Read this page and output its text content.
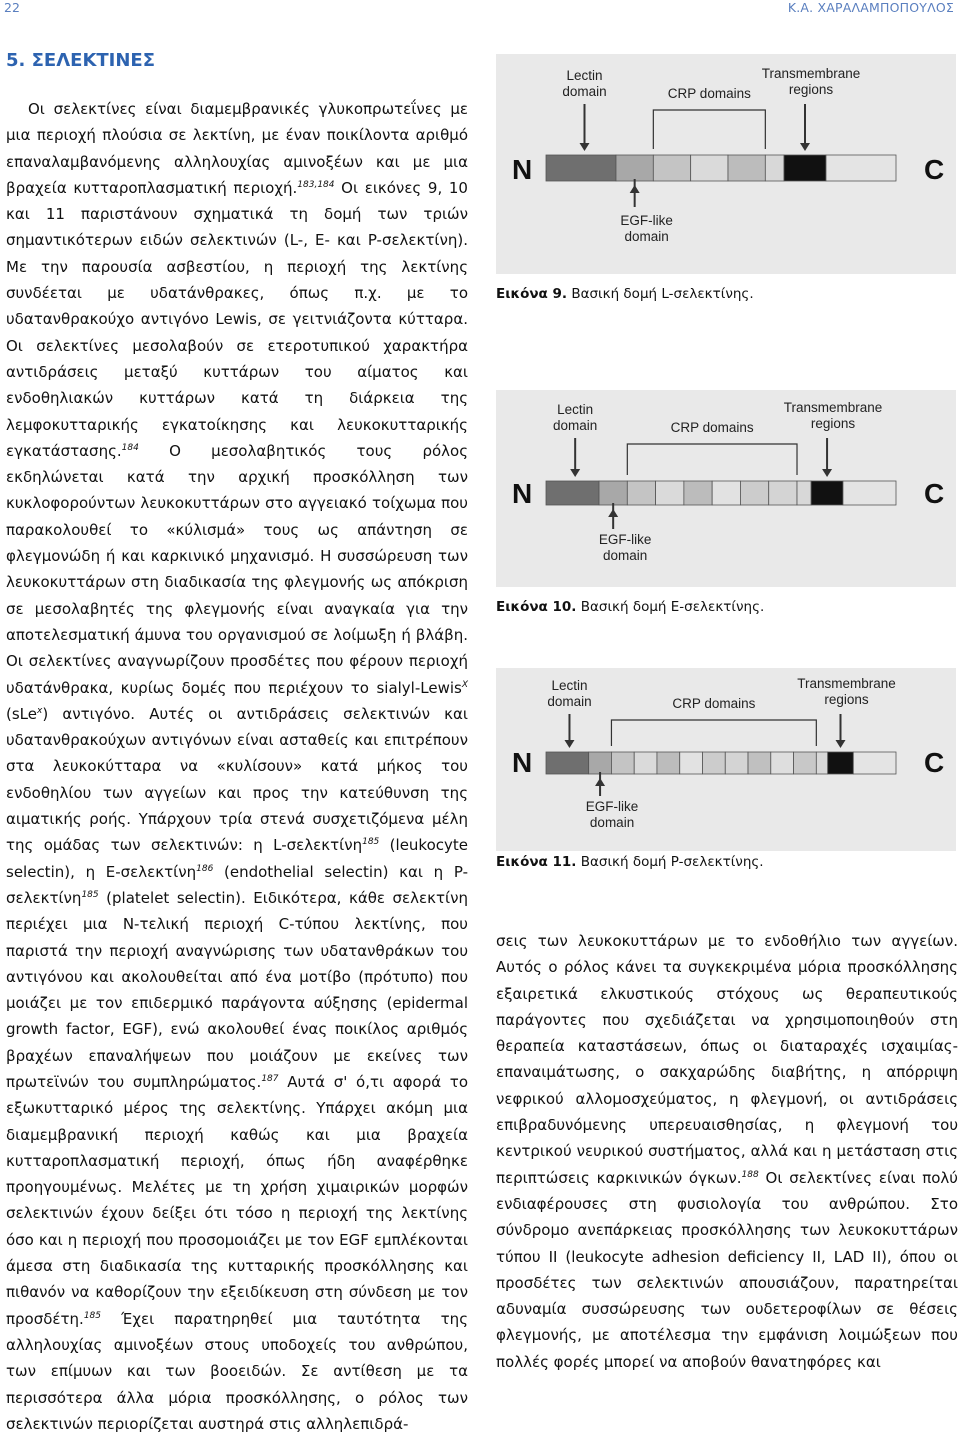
22	Κ.Α. ΧΑΡΑΛΑΜΠΟΠΟΥΛΟΣ
5. ΣΕΛΕΚΤΙΝΕΣ

Οι σελεκτίνες είναι διαμεμβρανικές γλυκοπρωτεΐνες με μια περιοχή πλούσια σε λεκτίνη, με έναν ποικίλοντα αριθμό επαναλαμβανόμενης αλληλουχίας αμινοξέων και με μια βραχεία κυτταροπλασματική περιοχή.$^{183,184}$ Οι εικόνες 9, 10 και 11 παριστάνουν σχηματικά τη δομή των τριών σημαντικότερων ειδών σελεκτινών (L-, E- και P-σελεκτίνη). Με την παρουσία ασβεστίου, η περιοχή της λεκτίνης συνδέεται με υδατάνθρακες, όπως π.χ. με το υδατανθρακούχο αντιγόνο Lewis, σε γειτνιάζοντα κύτταρα. Οι σελεκτίνες μεσολαβούν σε ετεροτυπικού χαρακτήρα αντιδράσεις μεταξύ κυττάρων του αίματος και ενδοθηλιακών κυττάρων κατά τη διάρκεια της λεμφοκυτταρικής εγκατοίκησης και λευκοκυτταρικής εγκατάστασης.$^{184}$ Ο μεσολαβητικός τους ρόλος εκδηλώνεται κατά την αρχική προσκόλληση των κυκλοφορούντων λευκοκυττάρων στο αγγειακό τοίχωμα που παρακολουθεί το «κύλισμά» τους ως απάντηση σε φλεγμονώδη ή και καρκινικό μηχανισμό. Η συσσώρευση των λευκοκυττάρων στη διαδικασία της φλεγμονής ως απόκριση σε μεσολαβητές της φλεγμονής είναι αναγκαία για την αποτελεσματική άμυνα του οργανισμού σε λοίμωξη ή βλάβη. Οι σελεκτίνες αναγνωρίζουν προσδέτες που φέρουν περιοχή υδατάνθρακα, κυρίως δομές που περιέχουν το sialyl-Lewis$^X$ (sLe$^x$) αντιγόνο. Αυτές οι αντιδράσεις σελεκτινών και υδατανθρακούχων αντιγόνων είναι ασταθείς και επιτρέπουν στα λευκοκύτταρα να «κυλίσουν» κατά μήκος του ενδοθηλίου των αγγείων και προς την κατεύθυνση της αιματικής ροής. Υπάρχουν τρία στενά συσχετιζόμενα μέλη της ομάδας των σελεκτινών: η L-σελεκτίνη$^{185}$ (leukocyte selectin), η E-σελεκτίνη$^{186}$ (endothelial selectin) και η P-σελεκτίνη$^{185}$ (platelet selectin). Ειδικότερα, κάθε σελεκτίνη περιέχει μια N-τελική περιοχή C-τύπου λεκτίνης, που παριστά την περιοχή αναγνώρισης των υδατανθράκων του αντιγόνου και ακολουθείται από ένα μοτίβο (πρότυπο) που μοιάζει με τον επιδερμικό παράγοντα αύξησης (epidermal growth factor, EGF), ενώ ακολουθεί ένας ποικίλος αριθμός βραχέων επαναλήψεων που μοιάζουν με εκείνες των πρωτεϊνών του συμπληρώματος.$^{187}$ Αυτά σ' ό,τι αφορά το εξωκυτταρικό μέρος της σελεκτίνης. Υπάρχει ακόμη μια διαμεμβρανική περιοχή καθώς και μια βραχεία κυτταροπλασματική περιοχή, όπως ήδη αναφέρθηκε προηγουμένως. Μελέτες με τη χρήση χιμαιρικών μορφών σελεκτινών έχουν δείξει ότι τόσο η περιοχή της λεκτίνης όσο και η περιοχή που προσομοιάζει με τον EGF εμπλέκονται άμεσα στη διαδικασία της κυτταρικής προσκόλλησης και πιθανόν να καθορίζουν την εξειδίκευση στη σύνδεση με τον προσδέτη.$^{185}$ Έχει παρατηρηθεί μια ταυτότητα της αλληλουχίας αμινοξέων στους υποδοχείς του ανθρώπου, των επίμυων και των βοοειδών. Σε αντίθεση με τα περισσότερα άλλα μόρια προσκόλλησης, ο ρόλος των σελεκτινών περιορίζεται αυστηρά στις αλληλεπιδρά-

N	C
Lectin domain
Transmembrane regions
CRP domains
EGF-like domain
Εικόνα 9. Βασική δομή L-σελεκτίνης.
N	C
Lectin domain
Transmembrane regions
CRP domains
EGF-like domain
Εικόνα 10. Βασική δομή E-σελεκτίνης.
N	C
Lectin domain
Transmembrane regions
CRP domains
EGF-like domain
Εικόνα 11. Βασική δομή P-σελεκτίνης.

σεις των λευκοκυττάρων με το ενδοθήλιο των αγγείων. Αυτός ο ρόλος κάνει τα συγκεκριμένα μόρια προσκόλλησης εξαιρετικά ελκυστικούς στόχους ως θεραπευτικούς παράγοντες που σχεδιάζεται να χρησιμοποιηθούν στη θεραπεία καταστάσεων, όπως οι διαταραχές ισχαιμίας-επαναιμάτωσης, ο σακχαρώδης διαβήτης, η απόρριψη νεφρικού αλλομοσχεύματος, η φλεγμονή, οι αντιδράσεις επιβραδυνόμενης υπερευαισθησίας, η φλεγμονή του κεντρικού νευρικού συστήματος, αλλά και η μετάσταση στις περιπτώσεις καρκινικών όγκων.$^{188}$ Οι σελεκτίνες είναι πολύ ενδιαφέρουσες στη φυσιολογία του ανθρώπου. Στο σύνδρομο ανεπάρκειας προσκόλλησης των λευκοκυττάρων τύπου II (leukocyte adhesion deficiency II, LAD II), όπου οι προσδέτες των σελεκτινών απουσιάζουν, παρατηρείται αδυναμία συσσώρευσης των ουδετεροφίλων σε θέσεις φλεγμονής, με αποτέλεσμα την εμφάνιση λοιμώξεων που πολλές φορές μπορεί να αποβούν θανατηφόρες και
